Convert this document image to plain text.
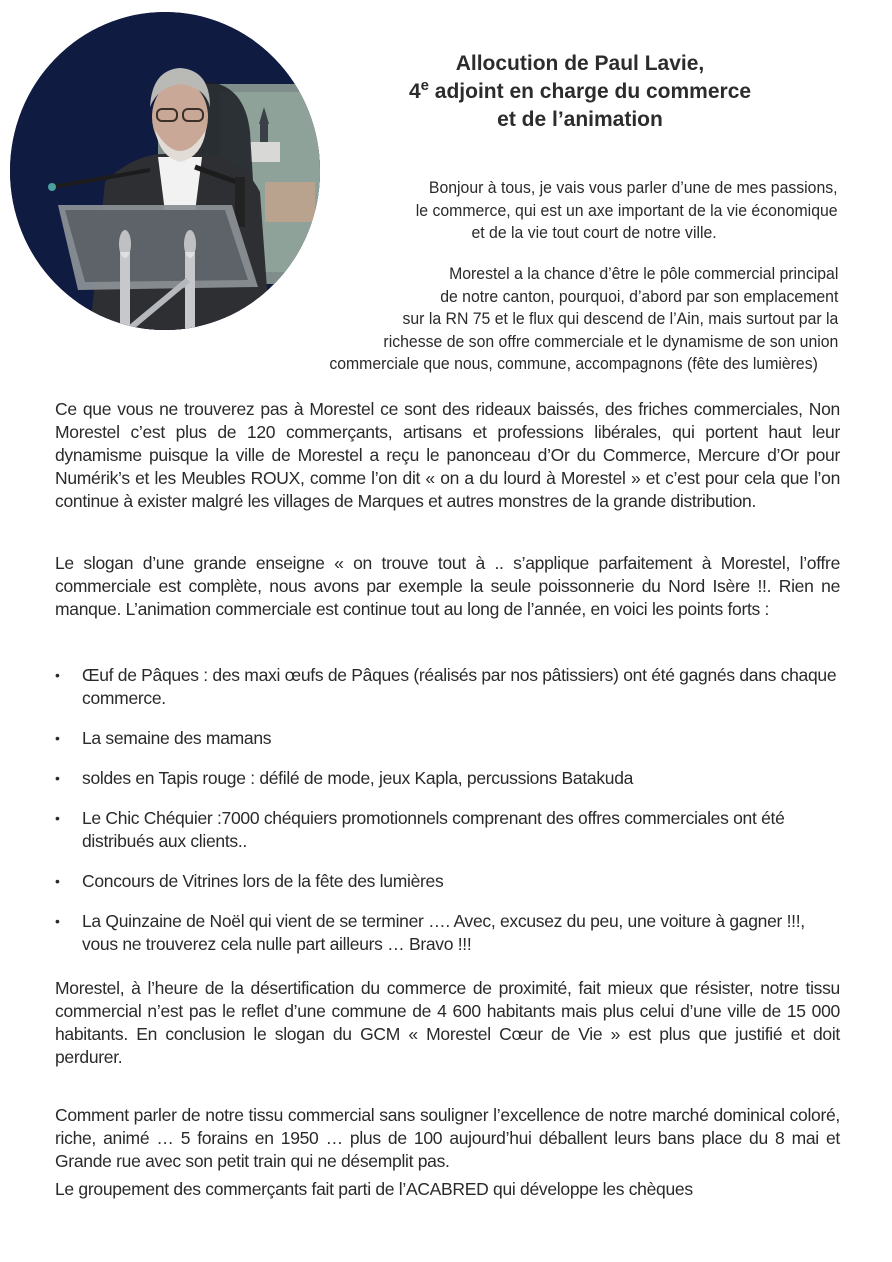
Allocution de Paul Lavie,
4e adjoint en charge du commerce
et de l’animation
Bonjour à tous, je vais vous parler d’une de mes passions,
le commerce, qui est un axe important de la vie économique
et de la vie tout court de notre ville.
Morestel a la chance d’être le pôle commercial principal
de notre canton, pourquoi, d’abord par son emplacement
sur la RN 75 et le flux qui descend de l’Ain, mais surtout par la
richesse de son offre commerciale et le dynamisme de son union
commerciale que nous, commune, accompagnons (fête des lumières)

Ce que vous ne trouverez pas à Morestel ce sont des rideaux baissés, des friches commerciales, Non Morestel c’est plus de 120 commerçants, artisans et professions libérales, qui portent haut leur dynamisme puisque la ville de Morestel a reçu le panonceau d’Or du Commerce, Mercure d’Or pour Numérik’s et les Meubles ROUX, comme l’on dit « on a du lourd à Morestel » et c’est pour cela que l’on continue à exister malgré les villages de Marques et autres monstres de la grande distribution.

Le slogan d’une grande enseigne « on trouve tout à .. s’applique parfaitement à Morestel, l’offre commerciale est complète, nous avons par exemple la seule poissonnerie du Nord Isère !!. Rien ne manque. L’animation commerciale est continue tout au long de l’année, en voici les points forts :

• Œuf de Pâques : des maxi œufs de Pâques (réalisés par nos pâtissiers) ont été gagnés dans chaque commerce.
• La semaine des mamans
• soldes en Tapis rouge : défilé de mode, jeux Kapla, percussions Batakuda
• Le Chic Chéquier :7000 chéquiers promotionnels comprenant des offres commerciales ont été distribués aux clients..
• Concours de Vitrines lors de la fête des lumières
• La Quinzaine de Noël qui vient de se terminer …. Avec, excusez du peu, une voiture à gagner !!!, vous ne trouverez cela nulle part ailleurs … Bravo !!!

Morestel, à l’heure de la désertification du commerce de proximité, fait mieux que résister, notre tissu commercial n’est pas le reflet d’une commune de 4 600 habitants mais plus celui d’une ville de 15 000 habitants. En conclusion le slogan du GCM « Morestel Cœur de Vie » est plus que justifié et doit perdurer.

Comment parler de notre tissu commercial sans souligner l’excellence de notre marché dominical coloré, riche, animé … 5 forains en 1950 … plus de 100 aujourd’hui déballent leurs bans place du 8 mai et Grande rue avec son petit train qui ne désemplit pas.

Le groupement des commerçants fait parti de l’ACABRED qui développe les chèques
